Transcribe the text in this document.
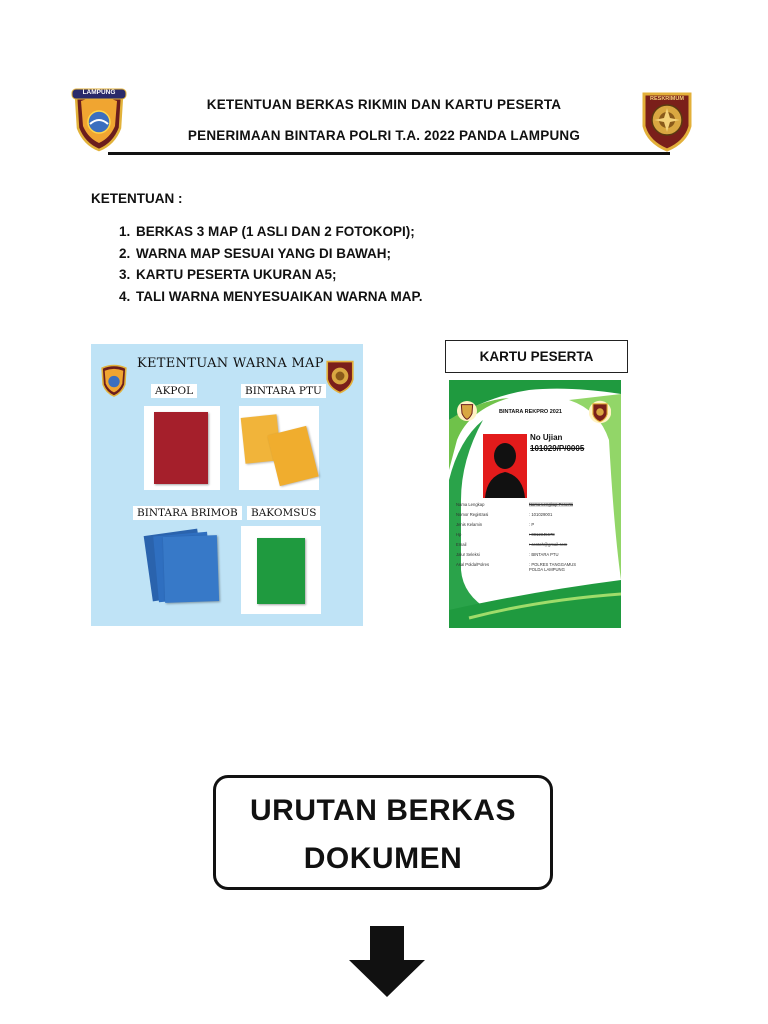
LAMPUNG
RESKRIMUM
KETENTUAN BERKAS RIKMIN DAN KARTU PESERTA
PENERIMAAN BINTARA POLRI T.A. 2022 PANDA LAMPUNG
KETENTUAN :
1. BERKAS 3 MAP (1 ASLI DAN 2 FOTOKOPI);
2. WARNA MAP SESUAI YANG DI BAWAH;
3. KARTU PESERTA UKURAN A5;
4. TALI WARNA MENYESUAIKAN WARNA MAP.
KETENTUAN WARNA MAP
AKPOL	BINTARA PTU
BINTARA BRIMOB	BAKOMSUS
KARTU PESERTA
BINTARA REKPRO 2021
No Ujian
101029/P/0005
Nama Lengkap	Nama Lengkap Peserta
Nomor Registrasi	: 101029001
Jenis Kelamin	: P
Hp	: 0812345678
Email	: contoh@gmail.com
Jalur Seleksi	: BINTARA PTU
Asal Polda/Polres	: POLRES TANGGAMUS POLDA LAMPUNG
URUTAN BERKAS
DOKUMEN
